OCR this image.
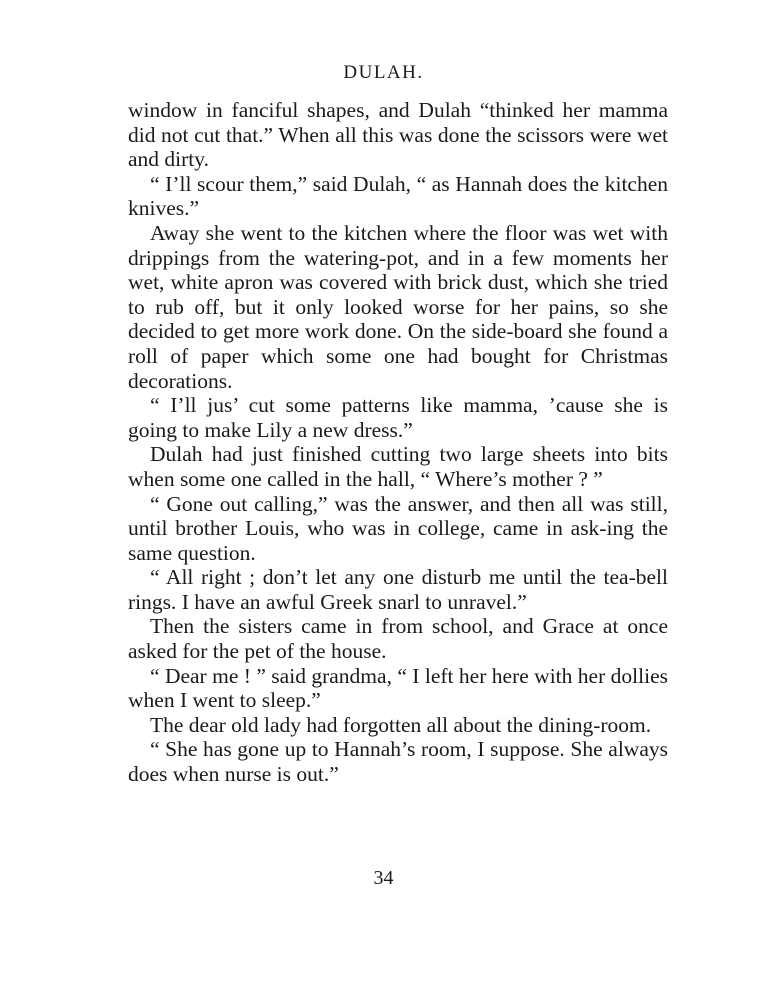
DULAH.

window in fanciful shapes, and Dulah “thinked her mamma did not cut that.” When all this was done the scissors were wet and dirty.

“ I’ll scour them,” said Dulah, “ as Hannah does the kitchen knives.”

Away she went to the kitchen where the floor was wet with drippings from the watering-pot, and in a few moments her wet, white apron was covered with brick dust, which she tried to rub off, but it only looked worse for her pains, so she decided to get more work done. On the side-board she found a roll of paper which some one had bought for Christmas decorations.

“ I’ll jus’ cut some patterns like mamma, ’cause she is going to make Lily a new dress.”

Dulah had just finished cutting two large sheets into bits when some one called in the hall, “ Where’s mother ? ”

“ Gone out calling,” was the answer, and then all was still, until brother Louis, who was in college, came in ask-ing the same question.

“ All right ; don’t let any one disturb me until the tea-bell rings. I have an awful Greek snarl to unravel.”

Then the sisters came in from school, and Grace at once asked for the pet of the house.

“ Dear me ! ” said grandma, “ I left her here with her dollies when I went to sleep.”

The dear old lady had forgotten all about the dining-room.

“ She has gone up to Hannah’s room, I suppose. She always does when nurse is out.”

34
